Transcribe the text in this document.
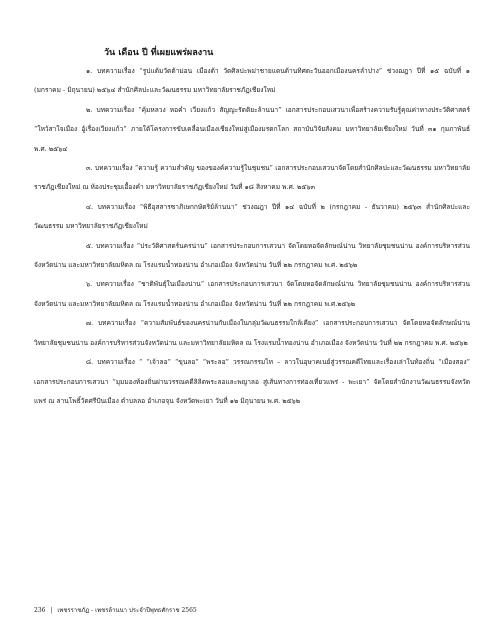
วัน เดือน ปี ที่เผยแพร่ผลงาน

๑. บทความเรื่อง “รูปแต้มวัดต้าม่อน เมืองต้า วัดศิลปะพม่าชายแดนด้านทิศตะวันออกเมืองนครลำปาง” ช่วงฌฎา ปีที่ ๑๕ ฉบับที่ ๑ (มกราคม - มิถุนายน) ๒๕๖๔ สำนักศิลปะและวัฒนธรรม มหาวิทยาลัยราชภัฏเชียงใหม่

๒. บทความเรื่อง “คุ้มหลวง หอคำ เวียงแก้ว สัญญะรัตติยะล้านนา” เอกสารประกอบเสวนาเพื่อสร้างความรับรู้คุณค่าทางประวัติศาสตร์ “ใหว้สาใจเมือง อู้เรื่องเวียงแก้ว” ภายใต้โครงการขับเคลื่อนเมืองเชียงใหม่สู่เมืองมรดกโลก สถาบันวิจัยสังคม มหาวิทยาลัยเชียงใหม่ วันที่ ๓๑ กุมภาพันธ์ พ.ศ. ๒๕๖๔

๓. บทความเรื่อง “ความรู้ ความสำคัญ ของของค์ความรู้ในชุมชน” เอกสารประกอบเสวนาจัดโดยสำนักศิลปะและวัฒนธรรม มหาวิทยาลัยราชภัฏเชียงใหม่ ณ ห้องประชุมเอื้องคำ มหาวิทยาลัยราชภัฏเชียงใหม่ วันที่ ๑๘ สิงหาคม พ.ศ. ๒๕๖๓

๔. บทความเรื่อง “พิธีอุสสารซาภิเษกกษัตริย์ล้านนา” ช่วงฌฎา ปีที่ ๑๔ ฉบับที่ ๒ (กรกฎาคม - ธันวาคม) ๒๕๖๓ สำนักศิลปะและวัฒนธรรม มหาวิทยาลัยราชภัฏเชียงใหม่

๕. บทความเรื่อง “ประวัติศาสตร์นครน่าน” เอกสารประกอบการเสวนา จัดโดยหอจัดลักษณ์น่าน วิทยาลัยชุมชนน่าน องค์การบริหารส่วนจังหวัดน่าน และมหาวิทยาลัยมหิดล ณ โรงแรมน้ำทองน่าน อำเภอเมือง จังหวัดน่าน วันที่ ๒๒ กรกฎาคม พ.ศ. ๒๕๖๒

๖. บทความเรื่อง “ชาติพันธุ์ในเมืองน่าน” เอกสารประกอบการเสวนา จัดโดยหอจัดลักษณ์น่าน วิทยาลัยชุมชนน่าน องค์การบริหารส่วนจังหวัดน่าน และมหาวิทยาลัยมหิดล ณ โรงแรมน้ำทองน่าน อำเภอเมือง จังหวัดน่าน วันที่ ๒๒ กรกฎาคม พ.ศ.๒๕๖๒

๗. บทความเรื่อง “ความสัมพันธ์ของนครน่านกับเมืองในกลุ่มวัฒนธรรมใกล้เคียง” เอกสารประกอบการเสวนา จัดโดยหอจัดลักษณ์น่าน วิทยาลัยชุมชนน่าน องค์การบริหารส่วนจังหวัดน่าน และมหาวิทยาลัยมหิดล ณ โรงแรมน้ำทองน่าน อำเภอเมือง จังหวัดน่าน วันที่ ๒๒ กรกฎาคม พ.ศ. ๒๕๖๒

๘. บทความเรื่อง “ “เจ้าลอ” “ขุนลอ” “พระลอ” วรรณกรรมไท – ลาวในอุษาคเนย์สู่วรรณคดีไทยและเรื่องเล่าในท้องถิ่น “เมืองสอง” เอกสารประกอบการเสวนา “มุมมองท้องถิ่นผ่านวรรณคดีลิลิตพระลอและพญาลอ สู่เส้นทางการท่องเที่ยวแพร่ - พะเยา” จัดโดยสำนักงานวัฒนธรรมจังหวัดแพร่ ณ ลานโพธิ์วัดศรีปันเมือง ตำบลลอ อำเภอจุน จังหวัดพะเยา วันที่ ๑๒ มิถุนายน พ.ศ. ๒๕๖๒

236 | เพชรราชภัฏ - เพชรล้านนา ประจำปีพุทธศักราช 2565
